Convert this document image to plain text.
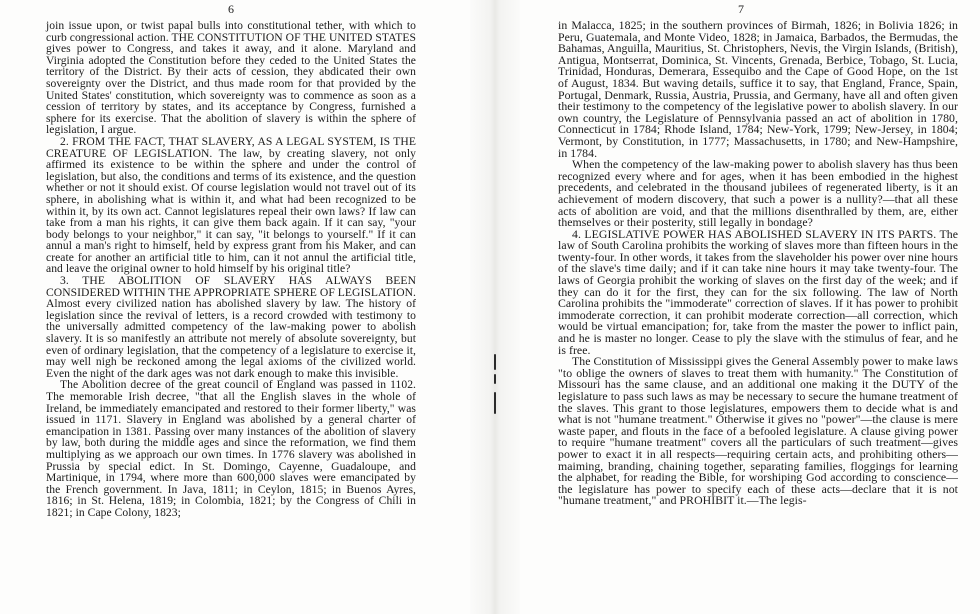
6

join issue upon, or twist papal bulls into constitutional tether, with which to curb congressional action. THE CONSTITUTION OF THE UNITED STATES gives power to Congress, and takes it away, and it alone. Maryland and Virginia adopted the Constitution before they ceded to the United States the territory of the District. By their acts of cession, they abdicated their own sovereignty over the District, and thus made room for that provided by the United States' constitution, which sovereignty was to commence as soon as a cession of territory by states, and its acceptance by Congress, furnished a sphere for its exercise. That the abolition of slavery is within the sphere of legislation, I argue.

2. FROM THE FACT, THAT SLAVERY, AS A LEGAL SYSTEM, IS THE CREATURE OF LEGISLATION. The law, by creating slavery, not only affirmed its existence to be within the sphere and under the control of legislation, but also, the conditions and terms of its existence, and the question whether or not it should exist. Of course legislation would not travel out of its sphere, in abolishing what is within it, and what had been recognized to be within it, by its own act. Cannot legislatures repeal their own laws? If law can take from a man his rights, it can give them back again. If it can say, "your body belongs to your neighbor," it can say, "it belongs to yourself." If it can annul a man's right to himself, held by express grant from his Maker, and can create for another an artificial title to him, can it not annul the artificial title, and leave the original owner to hold himself by his original title?

3. THE ABOLITION OF SLAVERY HAS ALWAYS BEEN CONSIDERED WITHIN THE APPROPRIATE SPHERE OF LEGISLATION. Almost every civilized nation has abolished slavery by law. The history of legislation since the revival of letters, is a record crowded with testimony to the universally admitted competency of the law-making power to abolish slavery. It is so manifestly an attribute not merely of absolute sovereignty, but even of ordinary legislation, that the competency of a legislature to exercise it, may well nigh be reckoned among the legal axioms of the civilized world. Even the night of the dark ages was not dark enough to make this invisible.

The Abolition decree of the great council of England was passed in 1102. The memorable Irish decree, "that all the English slaves in the whole of Ireland, be immediately emancipated and restored to their former liberty," was issued in 1171. Slavery in England was abolished by a general charter of emancipation in 1381. Passing over many instances of the abolition of slavery by law, both during the middle ages and since the reformation, we find them multiplying as we approach our own times. In 1776 slavery was abolished in Prussia by special edict. In St. Domingo, Cayenne, Guadaloupe, and Martinique, in 1794, where more than 600,000 slaves were emancipated by the French government. In Java, 1811; in Ceylon, 1815; in Buenos Ayres, 1816; in St. Helena, 1819; in Colombia, 1821; by the Congress of Chili in 1821; in Cape Colony, 1823;

7

in Malacca, 1825; in the southern provinces of Birmah, 1826; in Bolivia 1826; in Peru, Guatemala, and Monte Video, 1828; in Jamaica, Barbados, the Bermudas, the Bahamas, Anguilla, Mauritius, St. Christophers, Nevis, the Virgin Islands, (British), Antigua, Montserrat, Dominica, St. Vincents, Grenada, Berbice, Tobago, St. Lucia, Trinidad, Honduras, Demerara, Essequibo and the Cape of Good Hope, on the 1st of August, 1834. But waving details, suffice it to say, that England, France, Spain, Portugal, Denmark, Russia, Austria, Prussia, and Germany, have all and often given their testimony to the competency of the legislative power to abolish slavery. In our own country, the Legislature of Pennsylvania passed an act of abolition in 1780, Connecticut in 1784; Rhode Island, 1784; New-York, 1799; New-Jersey, in 1804; Vermont, by Constitution, in 1777; Massachusetts, in 1780; and New-Hampshire, in 1784.

When the competency of the law-making power to abolish slavery has thus been recognized every where and for ages, when it has been embodied in the highest precedents, and celebrated in the thousand jubilees of regenerated liberty, is it an achievement of modern discovery, that such a power is a nullity?—that all these acts of abolition are void, and that the millions disenthralled by them, are, either themselves or their posterity, still legally in bondage?

4. LEGISLATIVE POWER HAS ABOLISHED SLAVERY IN ITS PARTS. The law of South Carolina prohibits the working of slaves more than fifteen hours in the twenty-four. In other words, it takes from the slaveholder his power over nine hours of the slave's time daily; and if it can take nine hours it may take twenty-four. The laws of Georgia prohibit the working of slaves on the first day of the week; and if they can do it for the first, they can for the six following. The law of North Carolina prohibits the "immoderate" correction of slaves. If it has power to prohibit immoderate correction, it can prohibit moderate correction—all correction, which would be virtual emancipation; for, take from the master the power to inflict pain, and he is master no longer. Cease to ply the slave with the stimulus of fear, and he is free.

The Constitution of Mississippi gives the General Assembly power to make laws "to oblige the owners of slaves to treat them with humanity." The Constitution of Missouri has the same clause, and an additional one making it the DUTY of the legislature to pass such laws as may be necessary to secure the humane treatment of the slaves. This grant to those legislatures, empowers them to decide what is and what is not "humane treatment." Otherwise it gives no "power"—the clause is mere waste paper, and flouts in the face of a befooled legislature. A clause giving power to require "humane treatment" covers all the particulars of such treatment—gives power to exact it in all respects—requiring certain acts, and prohibiting others—maiming, branding, chaining together, separating families, floggings for learning the alphabet, for reading the Bible, for worshiping God according to conscience—the legislature has power to specify each of these acts—declare that it is not "humane treatment," and PROHIBIT it.—The legis-
